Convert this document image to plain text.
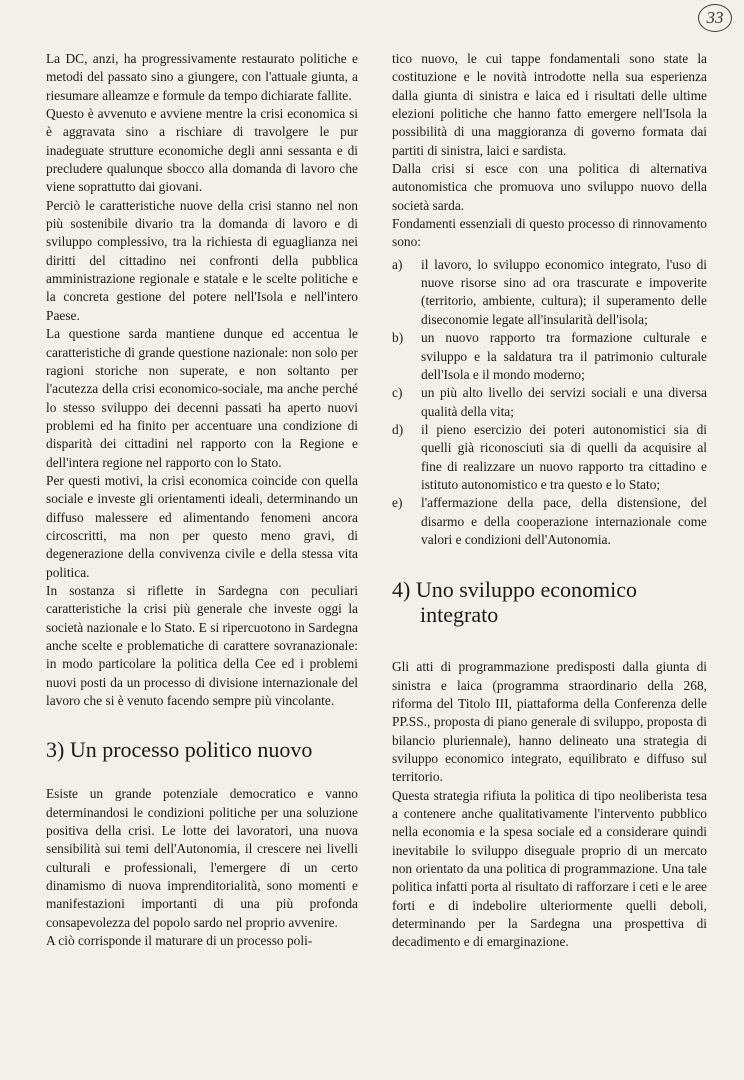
33

La DC, anzi, ha progressivamente restaurato politiche e metodi del passato sino a giungere, con l'attuale giunta, a riesumare alleamze e formule da tempo dichiarate fallite.

Questo è avvenuto e avviene mentre la crisi economica si è aggravata sino a rischiare di travolgere le pur inadeguate strutture economiche degli anni sessanta e di precludere qualunque sbocco alla domanda di lavoro che viene soprattutto dai giovani.

Perciò le caratteristiche nuove della crisi stanno nel non più sostenibile divario tra la domanda di lavoro e di sviluppo complessivo, tra la richiesta di eguaglianza nei diritti del cittadino nei confronti della pubblica amministrazione regionale e statale e le scelte politiche e la concreta gestione del potere nell'Isola e nell'intero Paese.

La questione sarda mantiene dunque ed accentua le caratteristiche di grande questione nazionale: non solo per ragioni storiche non superate, e non soltanto per l'acutezza della crisi economico-sociale, ma anche perché lo stesso sviluppo dei decenni passati ha aperto nuovi problemi ed ha finito per accentuare una condizione di disparità dei cittadini nel rapporto con la Regione e dell'intera regione nel rapporto con lo Stato.

Per questi motivi, la crisi economica coincide con quella sociale e investe gli orientamenti ideali, determinando un diffuso malessere ed alimentando fenomeni ancora circoscritti, ma non per questo meno gravi, di degenerazione della convivenza civile e della stessa vita politica.

In sostanza si riflette in Sardegna con peculiari caratteristiche la crisi più generale che investe oggi la società nazionale e lo Stato. E si ripercuotono in Sardegna anche scelte e problematiche di carattere sovranazionale: in modo particolare la politica della Cee ed i problemi nuovi posti da un processo di divisione internazionale del lavoro che si è venuto facendo sempre più vincolante.

3) Un processo politico nuovo

Esiste un grande potenziale democratico e vanno determinandosi le condizioni politiche per una soluzione positiva della crisi. Le lotte dei lavoratori, una nuova sensibilità sui temi dell'Autonomia, il crescere nei livelli culturali e professionali, l'emergere di un certo dinamismo di nuova imprenditorialità, sono momenti e manifestazioni importanti di una più profonda consapevolezza del popolo sardo nel proprio avvenire.

A ciò corrisponde il maturare di un processo poli-

tico nuovo, le cui tappe fondamentali sono state la costituzione e le novità introdotte nella sua esperienza dalla giunta di sinistra e laica ed i risultati delle ultime elezioni politiche che hanno fatto emergere nell'Isola la possibilità di una maggioranza di governo formata dai partiti di sinistra, laici e sardista.

Dalla crisi si esce con una politica di alternativa autonomistica che promuova uno sviluppo nuovo della società sarda.

Fondamenti essenziali di questo processo di rinnovamento sono:

a) il lavoro, lo sviluppo economico integrato, l'uso di nuove risorse sino ad ora trascurate e impoverite (territorio, ambiente, cultura); il superamento delle diseconomie legate all'insularità dell'isola;
b) un nuovo rapporto tra formazione culturale e sviluppo e la saldatura tra il patrimonio culturale dell'Isola e il mondo moderno;
c) un più alto livello dei servizi sociali e una diversa qualità della vita;
d) il pieno esercizio dei poteri autonomistici sia di quelli già riconosciuti sia di quelli da acquisire al fine di realizzare un nuovo rapporto tra cittadino e istituto autonomistico e tra questo e lo Stato;
e) l'affermazione della pace, della distensione, del disarmo e della cooperazione internazionale come valori e condizioni dell'Autonomia.
4) Uno sviluppo economico
integrato

Gli atti di programmazione predisposti dalla giunta di sinistra e laica (programma straordinario della 268, riforma del Titolo III, piattaforma della Conferenza delle PP.SS., proposta di piano generale di sviluppo, proposta di bilancio pluriennale), hanno delineato una strategia di sviluppo economico integrato, equilibrato e diffuso sul territorio.

Questa strategia rifiuta la politica di tipo neoliberista tesa a contenere anche qualitativamente l'intervento pubblico nella economia e la spesa sociale ed a considerare quindi inevitabile lo sviluppo diseguale proprio di un mercato non orientato da una politica di programmazione. Una tale politica infatti porta al risultato di rafforzare i ceti e le aree forti e di indebolire ulteriormente quelli deboli, determinando per la Sardegna una prospettiva di decadimento e di emarginazione.
